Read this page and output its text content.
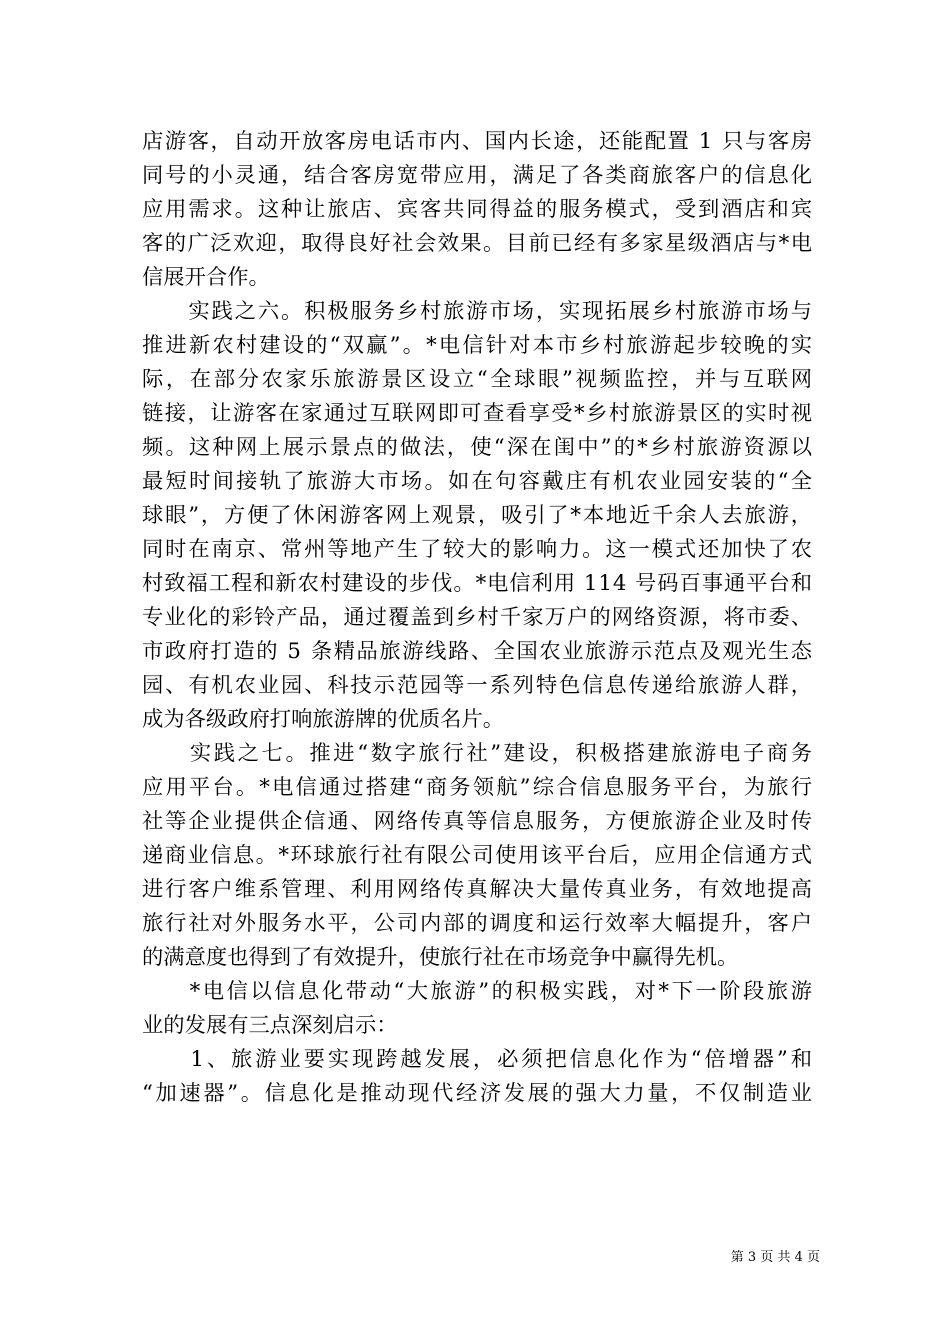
店游客，自动开放客房电话市内、国内长途，还能配置 1 只与客房
同号的小灵通，结合客房宽带应用，满足了各类商旅客户的信息化
应用需求。这种让旅店、宾客共同得益的服务模式，受到酒店和宾
客的广泛欢迎，取得良好社会效果。目前已经有多家星级酒店与*电
信展开合作。
　　实践之六。积极服务乡村旅游市场，实现拓展乡村旅游市场与
推进新农村建设的“双赢”。*电信针对本市乡村旅游起步较晚的实
际，在部分农家乐旅游景区设立“全球眼”视频监控，并与互联网
链接，让游客在家通过互联网即可查看享受*乡村旅游景区的实时视
频。这种网上展示景点的做法，使“深在闺中”的*乡村旅游资源以
最短时间接轨了旅游大市场。如在句容戴庄有机农业园安装的“全
球眼”，方便了休闲游客网上观景，吸引了*本地近千余人去旅游，
同时在南京、常州等地产生了较大的影响力。这一模式还加快了农
村致福工程和新农村建设的步伐。*电信利用 114 号码百事通平台和
专业化的彩铃产品，通过覆盖到乡村千家万户的网络资源，将市委、
市政府打造的 5 条精品旅游线路、全国农业旅游示范点及观光生态
园、有机农业园、科技示范园等一系列特色信息传递给旅游人群，
成为各级政府打响旅游牌的优质名片。
　　实践之七。推进“数字旅行社”建设，积极搭建旅游电子商务
应用平台。*电信通过搭建“商务领航”综合信息服务平台，为旅行
社等企业提供企信通、网络传真等信息服务，方便旅游企业及时传
递商业信息。*环球旅行社有限公司使用该平台后，应用企信通方式
进行客户维系管理、利用网络传真解决大量传真业务，有效地提高
旅行社对外服务水平，公司内部的调度和运行效率大幅提升，客户
的满意度也得到了有效提升，使旅行社在市场竞争中赢得先机。
　　*电信以信息化带动“大旅游”的积极实践，对*下一阶段旅游
业的发展有三点深刻启示：
　　1、旅游业要实现跨越发展，必须把信息化作为“倍增器”和
“加速器”。信息化是推动现代经济发展的强大力量，不仅制造业
第 3 页 共 4 页
